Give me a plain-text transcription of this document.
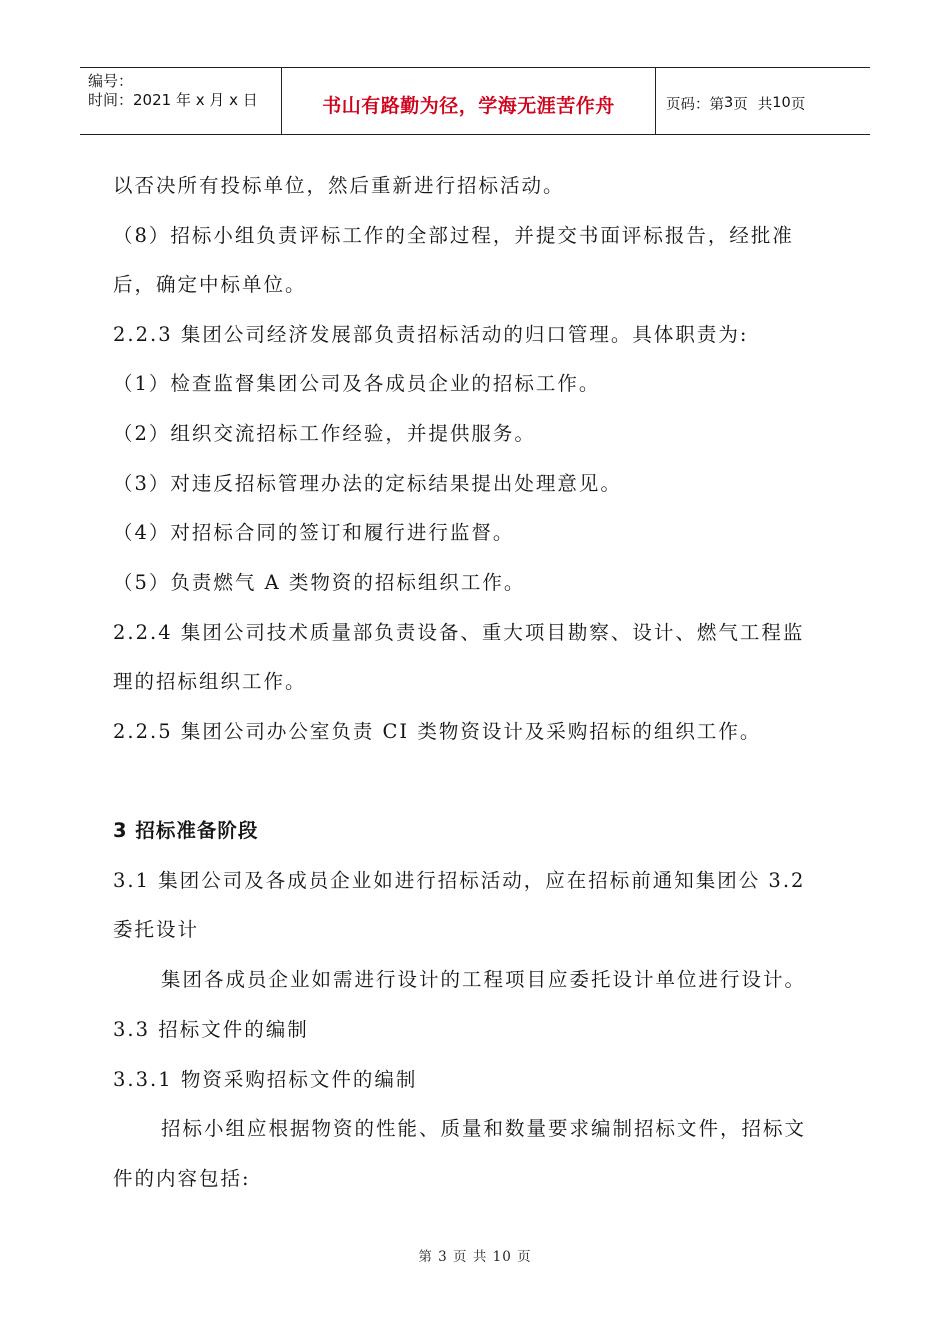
编号：
时间：2021 年 x 月 x 日	书山有路勤为径，学海无涯苦作舟	页码：第 3 页 共 10 页
以否决所有投标单位，然后重新进行招标活动。
（8）招标小组负责评标工作的全部过程，并提交书面评标报告，经批准
后，确定中标单位。
2.2.3 集团公司经济发展部负责招标活动的归口管理。具体职责为:
（1）检查监督集团公司及各成员企业的招标工作。
（2）组织交流招标工作经验，并提供服务。
（3）对违反招标管理办法的定标结果提出处理意见。
（4）对招标合同的签订和履行进行监督。
（5）负责燃气 A 类物资的招标组织工作。
2.2.4 集团公司技术质量部负责设备、重大项目勘察、设计、燃气工程监
理的招标组织工作。
2.2.5 集团公司办公室负责 CI 类物资设计及采购招标的组织工作。
3 招标准备阶段
3.1 集团公司及各成员企业如进行招标活动，应在招标前通知集团公 3.2
委托设计
集团各成员企业如需进行设计的工程项目应委托设计单位进行设计。
3.3 招标文件的编制
3.3.1 物资采购招标文件的编制
招标小组应根据物资的性能、质量和数量要求编制招标文件，招标文
件的内容包括:
第 3 页 共 10 页
